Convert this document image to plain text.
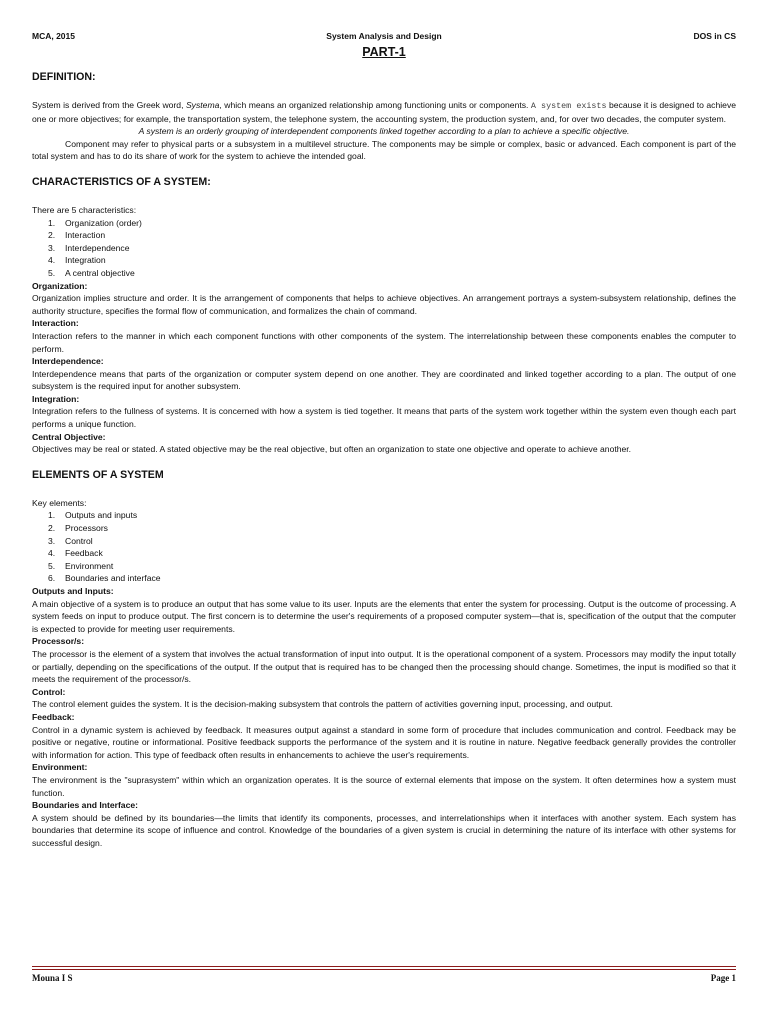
MCA, 2015	System Analysis and Design	DOS in CS
PART-1
DEFINITION:

System is derived from the Greek word, Systema, which means an organized relationship among functioning units or components. A system exists because it is designed to achieve one or more objectives; for example, the transportation system, the telephone system, the accounting system, the production system, and, for over two decades, the computer system.

A system is an orderly grouping of interdependent components linked together according to a plan to achieve a specific objective.

Component may refer to physical parts or a subsystem in a multilevel structure. The components may be simple or complex, basic or advanced. Each component is part of the total system and has to do its share of work for the system to achieve the intended goal.

CHARACTERISTICS OF A SYSTEM:

There are 5 characteristics:

1. Organization (order)
2. Interaction
3. Interdependence
4. Integration
5. A central objective
Organization:

Organization implies structure and order. It is the arrangement of components that helps to achieve objectives. An arrangement portrays a system-subsystem relationship, defines the authority structure, specifies the formal flow of communication, and formalizes the chain of command.

Interaction:

Interaction refers to the manner in which each component functions with other components of the system. The interrelationship between these components enables the computer to perform.

Interdependence:

Interdependence means that parts of the organization or computer system depend on one another. They are coordinated and linked together according to a plan. The output of one subsystem is the required input for another subsystem.

Integration:

Integration refers to the fullness of systems. It is concerned with how a system is tied together. It means that parts of the system work together within the system even though each part performs a unique function.

Central Objective:

Objectives may be real or stated. A stated objective may be the real objective, but often an organization to state one objective and operate to achieve another.

ELEMENTS OF A SYSTEM

Key elements:

1. Outputs and inputs
2. Processors
3. Control
4. Feedback
5. Environment
6. Boundaries and interface
Outputs and Inputs:

A main objective of a system is to produce an output that has some value to its user. Inputs are the elements that enter the system for processing. Output is the outcome of processing. A system feeds on input to produce output. The first concern is to determine the user's requirements of a proposed computer system—that is, specification of the output that the computer is expected to provide for meeting user requirements.

Processor/s:

The processor is the element of a system that involves the actual transformation of input into output. It is the operational component of a system. Processors may modify the input totally or partially, depending on the specifications of the output. If the output that is required has to be changed then the processing should change. Sometimes, the input is modified so that it meets the requirement of the processor/s.

Control:

The control element guides the system. It is the decision-making subsystem that controls the pattern of activities governing input, processing, and output.

Feedback:

Control in a dynamic system is achieved by feedback. It measures output against a standard in some form of procedure that includes communication and control. Feedback may be positive or negative, routine or informational. Positive feedback supports the performance of the system and it is routine in nature. Negative feedback generally provides the controller with information for action. This type of feedback often results in enhancements to achieve the user's requirements.

Environment:

The environment is the "suprasystem" within which an organization operates. It is the source of external elements that impose on the system. It often determines how a system must function.

Boundaries and Interface:

A system should be defined by its boundaries—the limits that identify its components, processes, and interrelationships when it interfaces with another system. Each system has boundaries that determine its scope of influence and control. Knowledge of the boundaries of a given system is crucial in determining the nature of its interface with other systems for successful design.

Mouna I S	Page 1
